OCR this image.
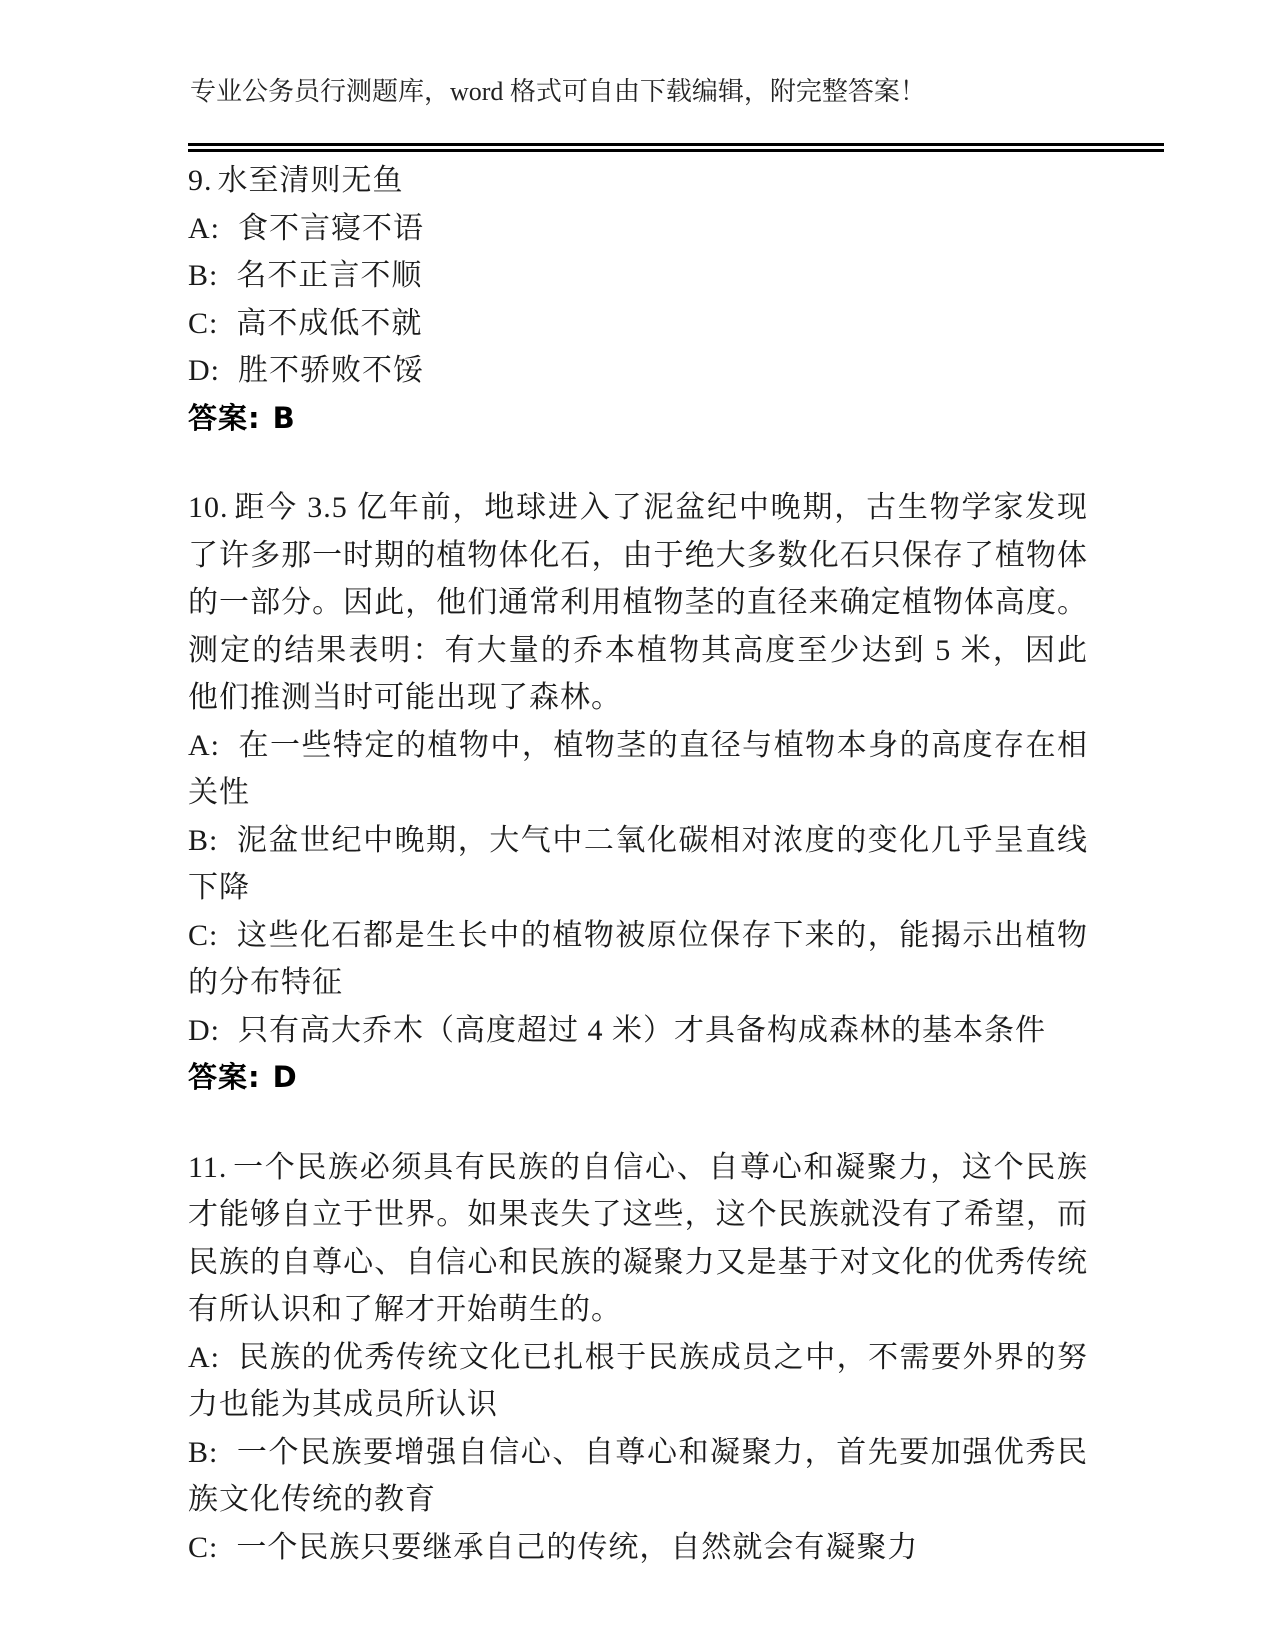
专业公务员行测题库，word 格式可自由下载编辑，附完整答案！

9. 水至清则无鱼

A: 食不言寝不语

B: 名不正言不顺

C: 高不成低不就

D: 胜不骄败不馁

答案: B

10. 距今 3.5 亿年前，地球进入了泥盆纪中晚期，古生物学家发现了许多那一时期的植物体化石，由于绝大多数化石只保存了植物体的一部分。因此，他们通常利用植物茎的直径来确定植物体高度。测定的结果表明：有大量的乔本植物其高度至少达到 5 米，因此他们推测当时可能出现了森林。

A: 在一些特定的植物中，植物茎的直径与植物本身的高度存在相关性

B: 泥盆世纪中晚期，大气中二氧化碳相对浓度的变化几乎呈直线下降

C: 这些化石都是生长中的植物被原位保存下来的，能揭示出植物的分布特征

D: 只有高大乔木（高度超过 4 米）才具备构成森林的基本条件

答案: D

11. 一个民族必须具有民族的自信心、自尊心和凝聚力，这个民族才能够自立于世界。如果丧失了这些，这个民族就没有了希望，而民族的自尊心、自信心和民族的凝聚力又是基于对文化的优秀传统有所认识和了解才开始萌生的。

A: 民族的优秀传统文化已扎根于民族成员之中，不需要外界的努力也能为其成员所认识

B: 一个民族要增强自信心、自尊心和凝聚力，首先要加强优秀民族文化传统的教育

C: 一个民族只要继承自己的传统，自然就会有凝聚力
